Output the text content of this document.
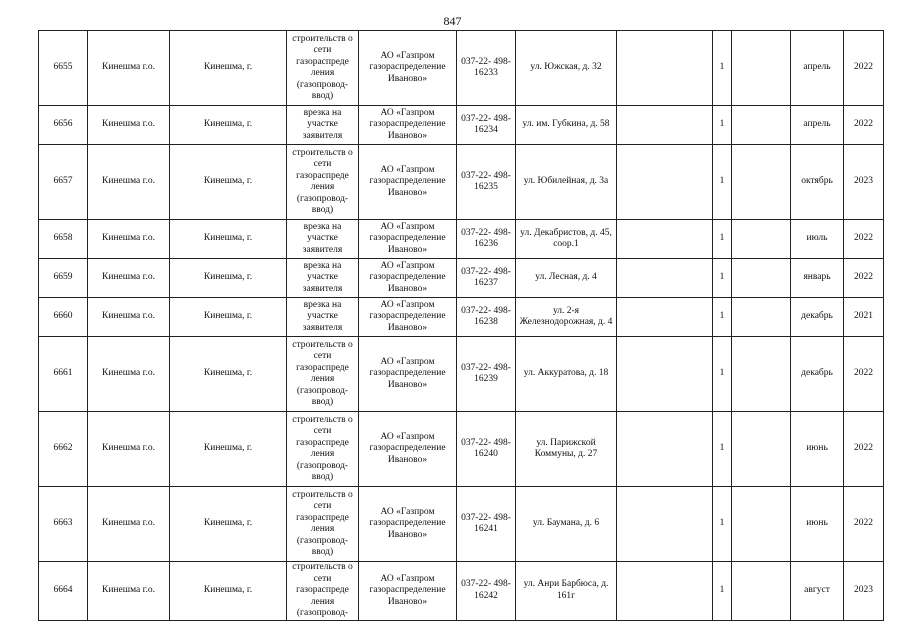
847
6655	Кинешма г.о.	Кинешма, г.	строительств о сети газораспреде ления (газопровод- ввод)	АО «Газпром газораспределение Иваново»	037-22- 498-16233	ул. Южская, д. 32		1		апрель	2022
6656	Кинешма г.о.	Кинешма, г.	врезка на участке заявителя	АО «Газпром газораспределение Иваново»	037-22- 498-16234	ул. им. Губкина, д. 58		1		апрель	2022
6657	Кинешма г.о.	Кинешма, г.	строительств о сети газораспреде ления (газопровод- ввод)	АО «Газпром газораспределение Иваново»	037-22- 498-16235	ул. Юбилейная, д. 3а		1		октябрь	2023
6658	Кинешма г.о.	Кинешма, г.	врезка на участке заявителя	АО «Газпром газораспределение Иваново»	037-22- 498-16236	ул. Декабристов, д. 45, соор.1		1		июль	2022
6659	Кинешма г.о.	Кинешма, г.	врезка на участке заявителя	АО «Газпром газораспределение Иваново»	037-22- 498-16237	ул. Лесная, д. 4		1		январь	2022
6660	Кинешма г.о.	Кинешма, г.	врезка на участке заявителя	АО «Газпром газораспределение Иваново»	037-22- 498-16238	ул. 2-я Железнодорожная, д. 4		1		декабрь	2021
6661	Кинешма г.о.	Кинешма, г.	строительств о сети газораспреде ления (газопровод- ввод)	АО «Газпром газораспределение Иваново»	037-22- 498-16239	ул. Аккуратова, д. 18		1		декабрь	2022
6662	Кинешма г.о.	Кинешма, г.	строительств о сети газораспреде ления (газопровод- ввод)	АО «Газпром газораспределение Иваново»	037-22- 498-16240	ул. Парижской Коммуны, д. 27		1		июнь	2022
6663	Кинешма г.о.	Кинешма, г.	строительств о сети газораспреде ления (газопровод- ввод)	АО «Газпром газораспределение Иваново»	037-22- 498-16241	ул. Баумана, д. 6		1		июнь	2022
6664	Кинешма г.о.	Кинешма, г.	строительств о сети газораспреде ления (газопровод-	АО «Газпром газораспределение Иваново»	037-22- 498-16242	ул. Анри Барбюса, д. 161г		1		август	2023
